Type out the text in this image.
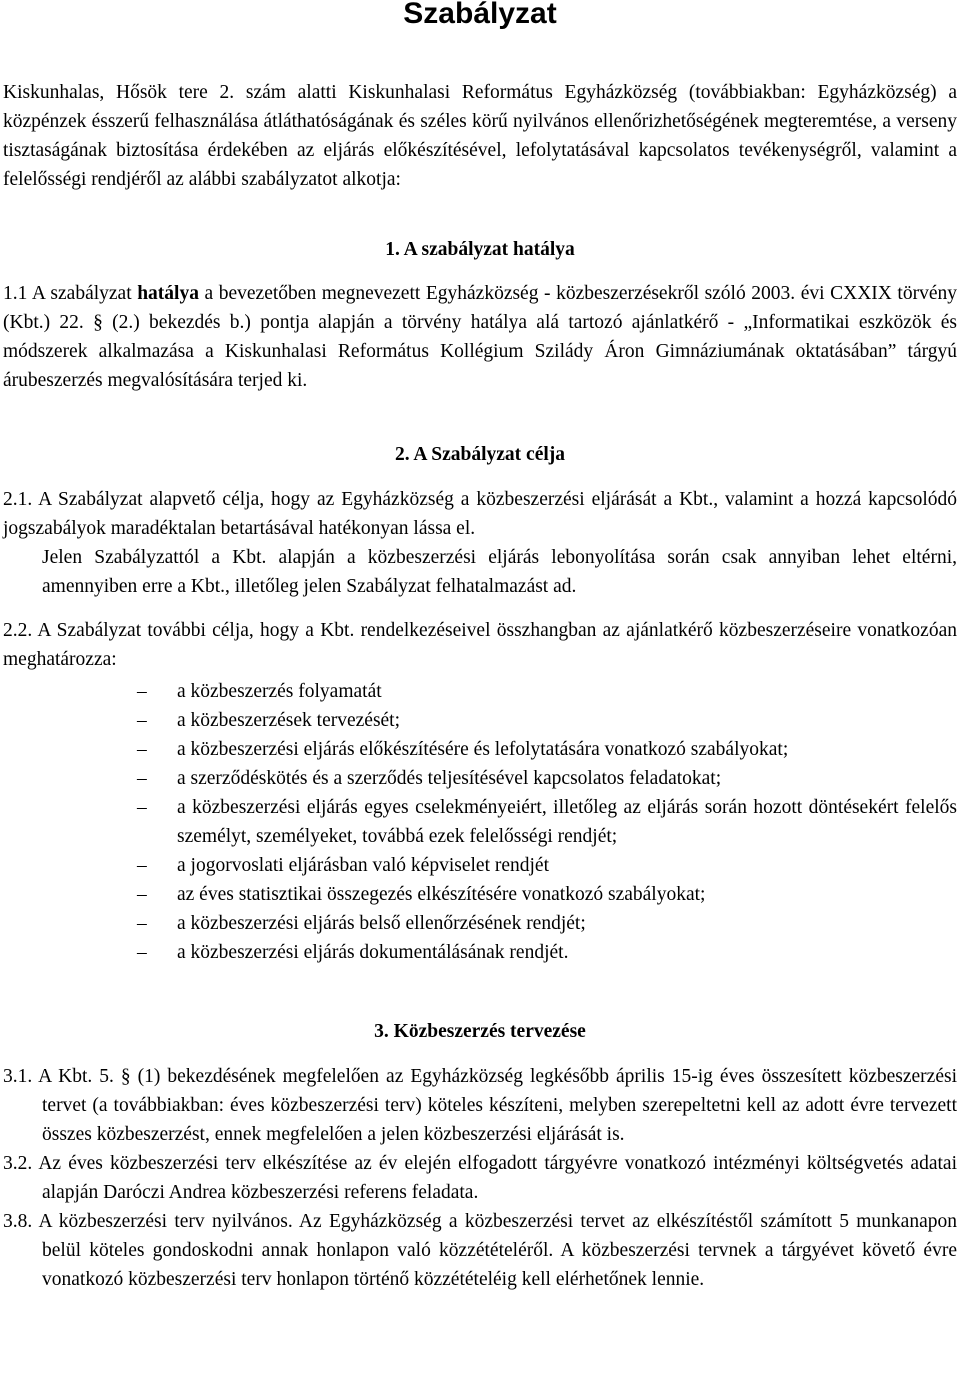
Szabályzat

Kiskunhalas, Hősök tere 2. szám alatti Kiskunhalasi Református Egyházközség (továbbiakban: Egyházközség) a közpénzek ésszerű felhasználása átláthatóságának és széles körű nyilvános ellenőrizhetőségének megteremtése, a verseny tisztaságának biztosítása érdekében az eljárás előkészítésével, lefolytatásával kapcsolatos tevékenységről, valamint a felelősségi rendjéről az alábbi szabályzatot alkotja:

1. A szabályzat hatálya

1.1 A szabályzat hatálya a bevezetőben megnevezett Egyházközség - közbeszerzésekről szóló 2003. évi CXXIX törvény (Kbt.) 22. § (2.) bekezdés b.) pontja alapján a törvény hatálya alá tartozó ajánlatkérő - „Informatikai eszközök és módszerek alkalmazása a Kiskunhalasi Református Kollégium Szilády Áron Gimnáziumának oktatásában” tárgyú árubeszerzés megvalósítására terjed ki.

2. A Szabályzat célja

2.1. A Szabályzat alapvető célja, hogy az Egyházközség a közbeszerzési eljárását a Kbt., valamint a hozzá kapcsolódó jogszabályok maradéktalan betartásával hatékonyan lássa el.

Jelen Szabályzattól a Kbt. alapján a közbeszerzési eljárás lebonyolítása során csak annyiban lehet eltérni, amennyiben erre a Kbt., illetőleg jelen Szabályzat felhatalmazást ad.

2.2. A Szabályzat további célja, hogy a Kbt. rendelkezéseivel összhangban az ajánlatkérő közbeszerzéseire vonatkozóan meghatározza:

– a közbeszerzés folyamatát
– a közbeszerzések tervezését;
– a közbeszerzési eljárás előkészítésére és lefolytatására vonatkozó szabályokat;
– a szerződéskötés és a szerződés teljesítésével kapcsolatos feladatokat;
– a közbeszerzési eljárás egyes cselekményeiért, illetőleg az eljárás során hozott döntésekért felelős személyt, személyeket, továbbá ezek felelősségi rendjét;
– a jogorvoslati eljárásban való képviselet rendjét
– az éves statisztikai összegezés elkészítésére vonatkozó szabályokat;
– a közbeszerzési eljárás belső ellenőrzésének rendjét;
– a közbeszerzési eljárás dokumentálásának rendjét.

3. Közbeszerzés tervezése

3.1. A Kbt. 5. § (1) bekezdésének megfelelően az Egyházközség legkésőbb április 15-ig éves összesített közbeszerzési tervet (a továbbiakban: éves közbeszerzési terv) köteles készíteni, melyben szerepeltetni kell az adott évre tervezett összes közbeszerzést, ennek megfelelően a jelen közbeszerzési eljárását is.

3.2. Az éves közbeszerzési terv elkészítése az év elején elfogadott tárgyévre vonatkozó intézményi költségvetés adatai alapján Daróczi Andrea közbeszerzési referens feladata.

3.8. A közbeszerzési terv nyilvános. Az Egyházközség a közbeszerzési tervet az elkészítéstől számított 5 munkanapon belül köteles gondoskodni annak honlapon való közzétételéről. A közbeszerzési tervnek a tárgyévet követő évre vonatkozó közbeszerzési terv honlapon történő közzétételéig kell elérhetőnek lennie.
